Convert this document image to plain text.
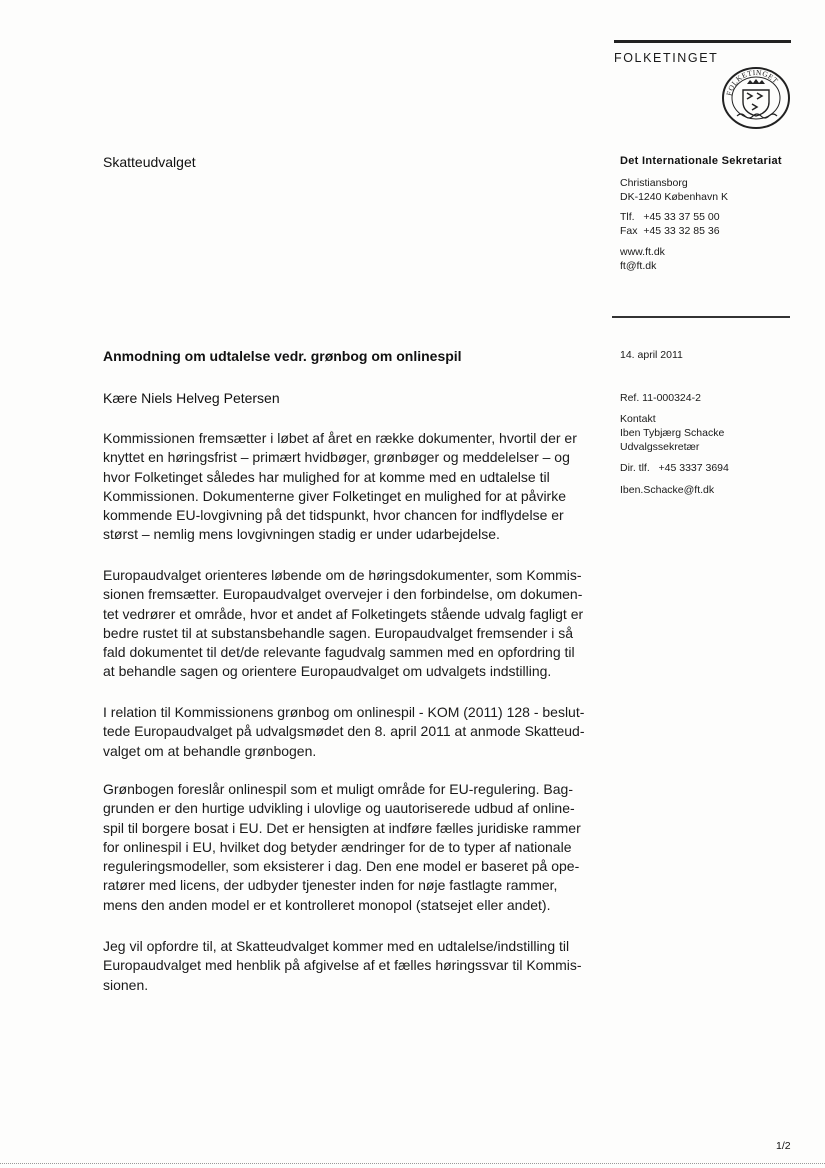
FOLKETINGET
FOLKETINGET
Skatteudvalget	Det Internationale Sekretariat
Christiansborg
DK-1240 København K
Tlf.   +45 33 37 55 00
Fax  +45 33 32 85 36
www.ft.dk
ft@ft.dk
14. april 2011
Ref. 11-000324-2
Kontakt
Iben Tybjærg Schacke
Udvalgssekretær
Dir. tlf.   +45 3337 3694
Iben.Schacke@ft.dk
Anmodning om udtalelse vedr. grønbog om onlinespil
Kære Niels Helveg Petersen
Kommissionen fremsætter i løbet af året en række dokumenter, hvortil der er
knyttet en høringsfrist – primært hvidbøger, grønbøger og meddelelser – og
hvor Folketinget således har mulighed for at komme med en udtalelse til
Kommissionen. Dokumenterne giver Folketinget en mulighed for at påvirke
kommende EU-lovgivning på det tidspunkt, hvor chancen for indflydelse er
størst – nemlig mens lovgivningen stadig er under udarbejdelse.
Europaudvalget orienteres løbende om de høringsdokumenter, som Kommis-
sionen fremsætter. Europaudvalget overvejer i den forbindelse, om dokumen-
tet vedrører et område, hvor et andet af Folketingets stående udvalg fagligt er
bedre rustet til at substansbehandle sagen. Europaudvalget fremsender i så
fald dokumentet til det/de relevante fagudvalg sammen med en opfordring til
at behandle sagen og orientere Europaudvalget om udvalgets indstilling.
I relation til Kommissionens grønbog om onlinespil - KOM (2011) 128 - beslut-
tede Europaudvalget på udvalgsmødet den 8. april 2011 at anmode Skatteud-
valget om at behandle grønbogen.
Grønbogen foreslår onlinespil som et muligt område for EU-regulering. Bag-
grunden er den hurtige udvikling i ulovlige og uautoriserede udbud af online-
spil til borgere bosat i EU. Det er hensigten at indføre fælles juridiske rammer
for onlinespil i EU, hvilket dog betyder ændringer for de to typer af nationale
reguleringsmodeller, som eksisterer i dag. Den ene model er baseret på ope-
ratører med licens, der udbyder tjenester inden for nøje fastlagte rammer,
mens den anden model er et kontrolleret monopol (statsejet eller andet).
Jeg vil opfordre til, at Skatteudvalget kommer med en udtalelse/indstilling til
Europaudvalget med henblik på afgivelse af et fælles høringssvar til Kommis-
sionen.
1/2
